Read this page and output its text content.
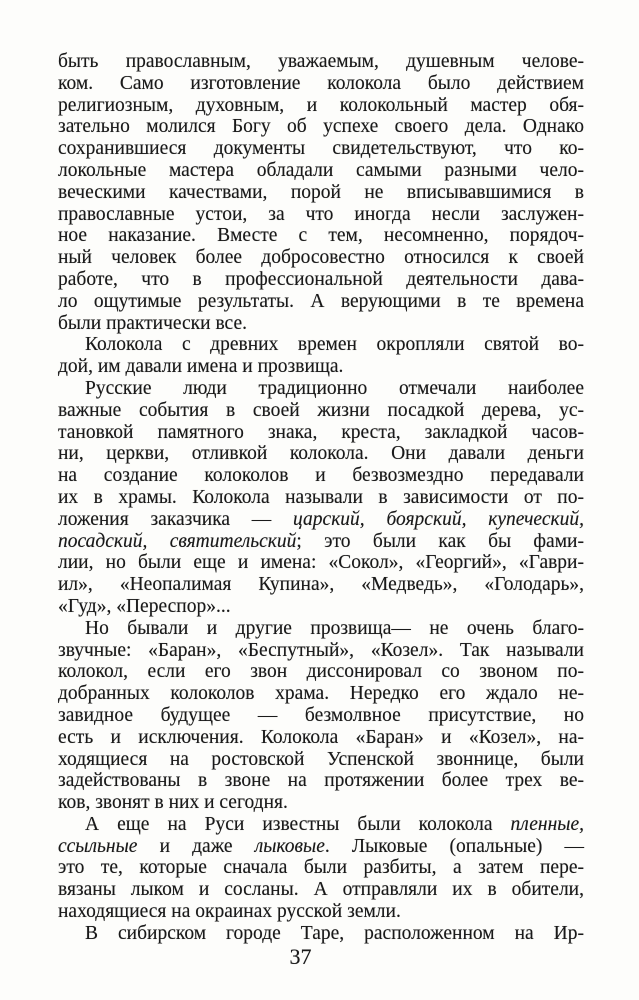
быть православным, уважаемым, душевным челове-
ком. Само изготовление колокола было действием
религиозным, духовным, и колокольный мастер обя-
зательно молился Богу об успехе своего дела. Однако
сохранившиеся документы свидетельствуют, что ко-
локольные мастера обладали самыми разными чело-
веческими качествами, порой не вписывавшимися в
православные устои, за что иногда несли заслужен-
ное наказание. Вместе с тем, несомненно, порядоч-
ный человек более добросовестно относился к своей
работе, что в профессиональной деятельности дава-
ло ощутимые результаты. А верующими в те времена
были практически все.
Колокола с древних времен окропляли святой во-
дой, им давали имена и прозвища.
Русские люди традиционно отмечали наиболее
важные события в своей жизни посадкой дерева, ус-
тановкой памятного знака, креста, закладкой часов-
ни, церкви, отливкой колокола. Они давали деньги
на создание колоколов и безвозмездно передавали
их в храмы. Колокола называли в зависимости от по-
ложения заказчика — царский, боярский, купеческий,
посадский, святительский; это были как бы фами-
лии, но были еще и имена: «Сокол», «Георгий», «Гаври-
ил», «Неопалимая Купина», «Медведь», «Голодарь»,
«Гуд», «Переспор»...
Но бывали и другие прозвища— не очень благо-
звучные: «Баран», «Беспутный», «Козел». Так называли
колокол, если его звон диссонировал со звоном по-
добранных колоколов храма. Нередко его ждало не-
завидное будущее — безмолвное присутствие, но
есть и исключения. Колокола «Баран» и «Козел», на-
ходящиеся на ростовской Успенской звоннице, были
задействованы в звоне на протяжении более трех ве-
ков, звонят в них и сегодня.
А еще на Руси известны были колокола пленные,
ссыльные и даже лыковые. Лыковые (опальные) —
это те, которые сначала были разбиты, а затем пере-
вязаны лыком и сосланы. А отправляли их в обители,
находящиеся на окраинах русской земли.
В сибирском городе Таре, расположенном на Ир-
37
